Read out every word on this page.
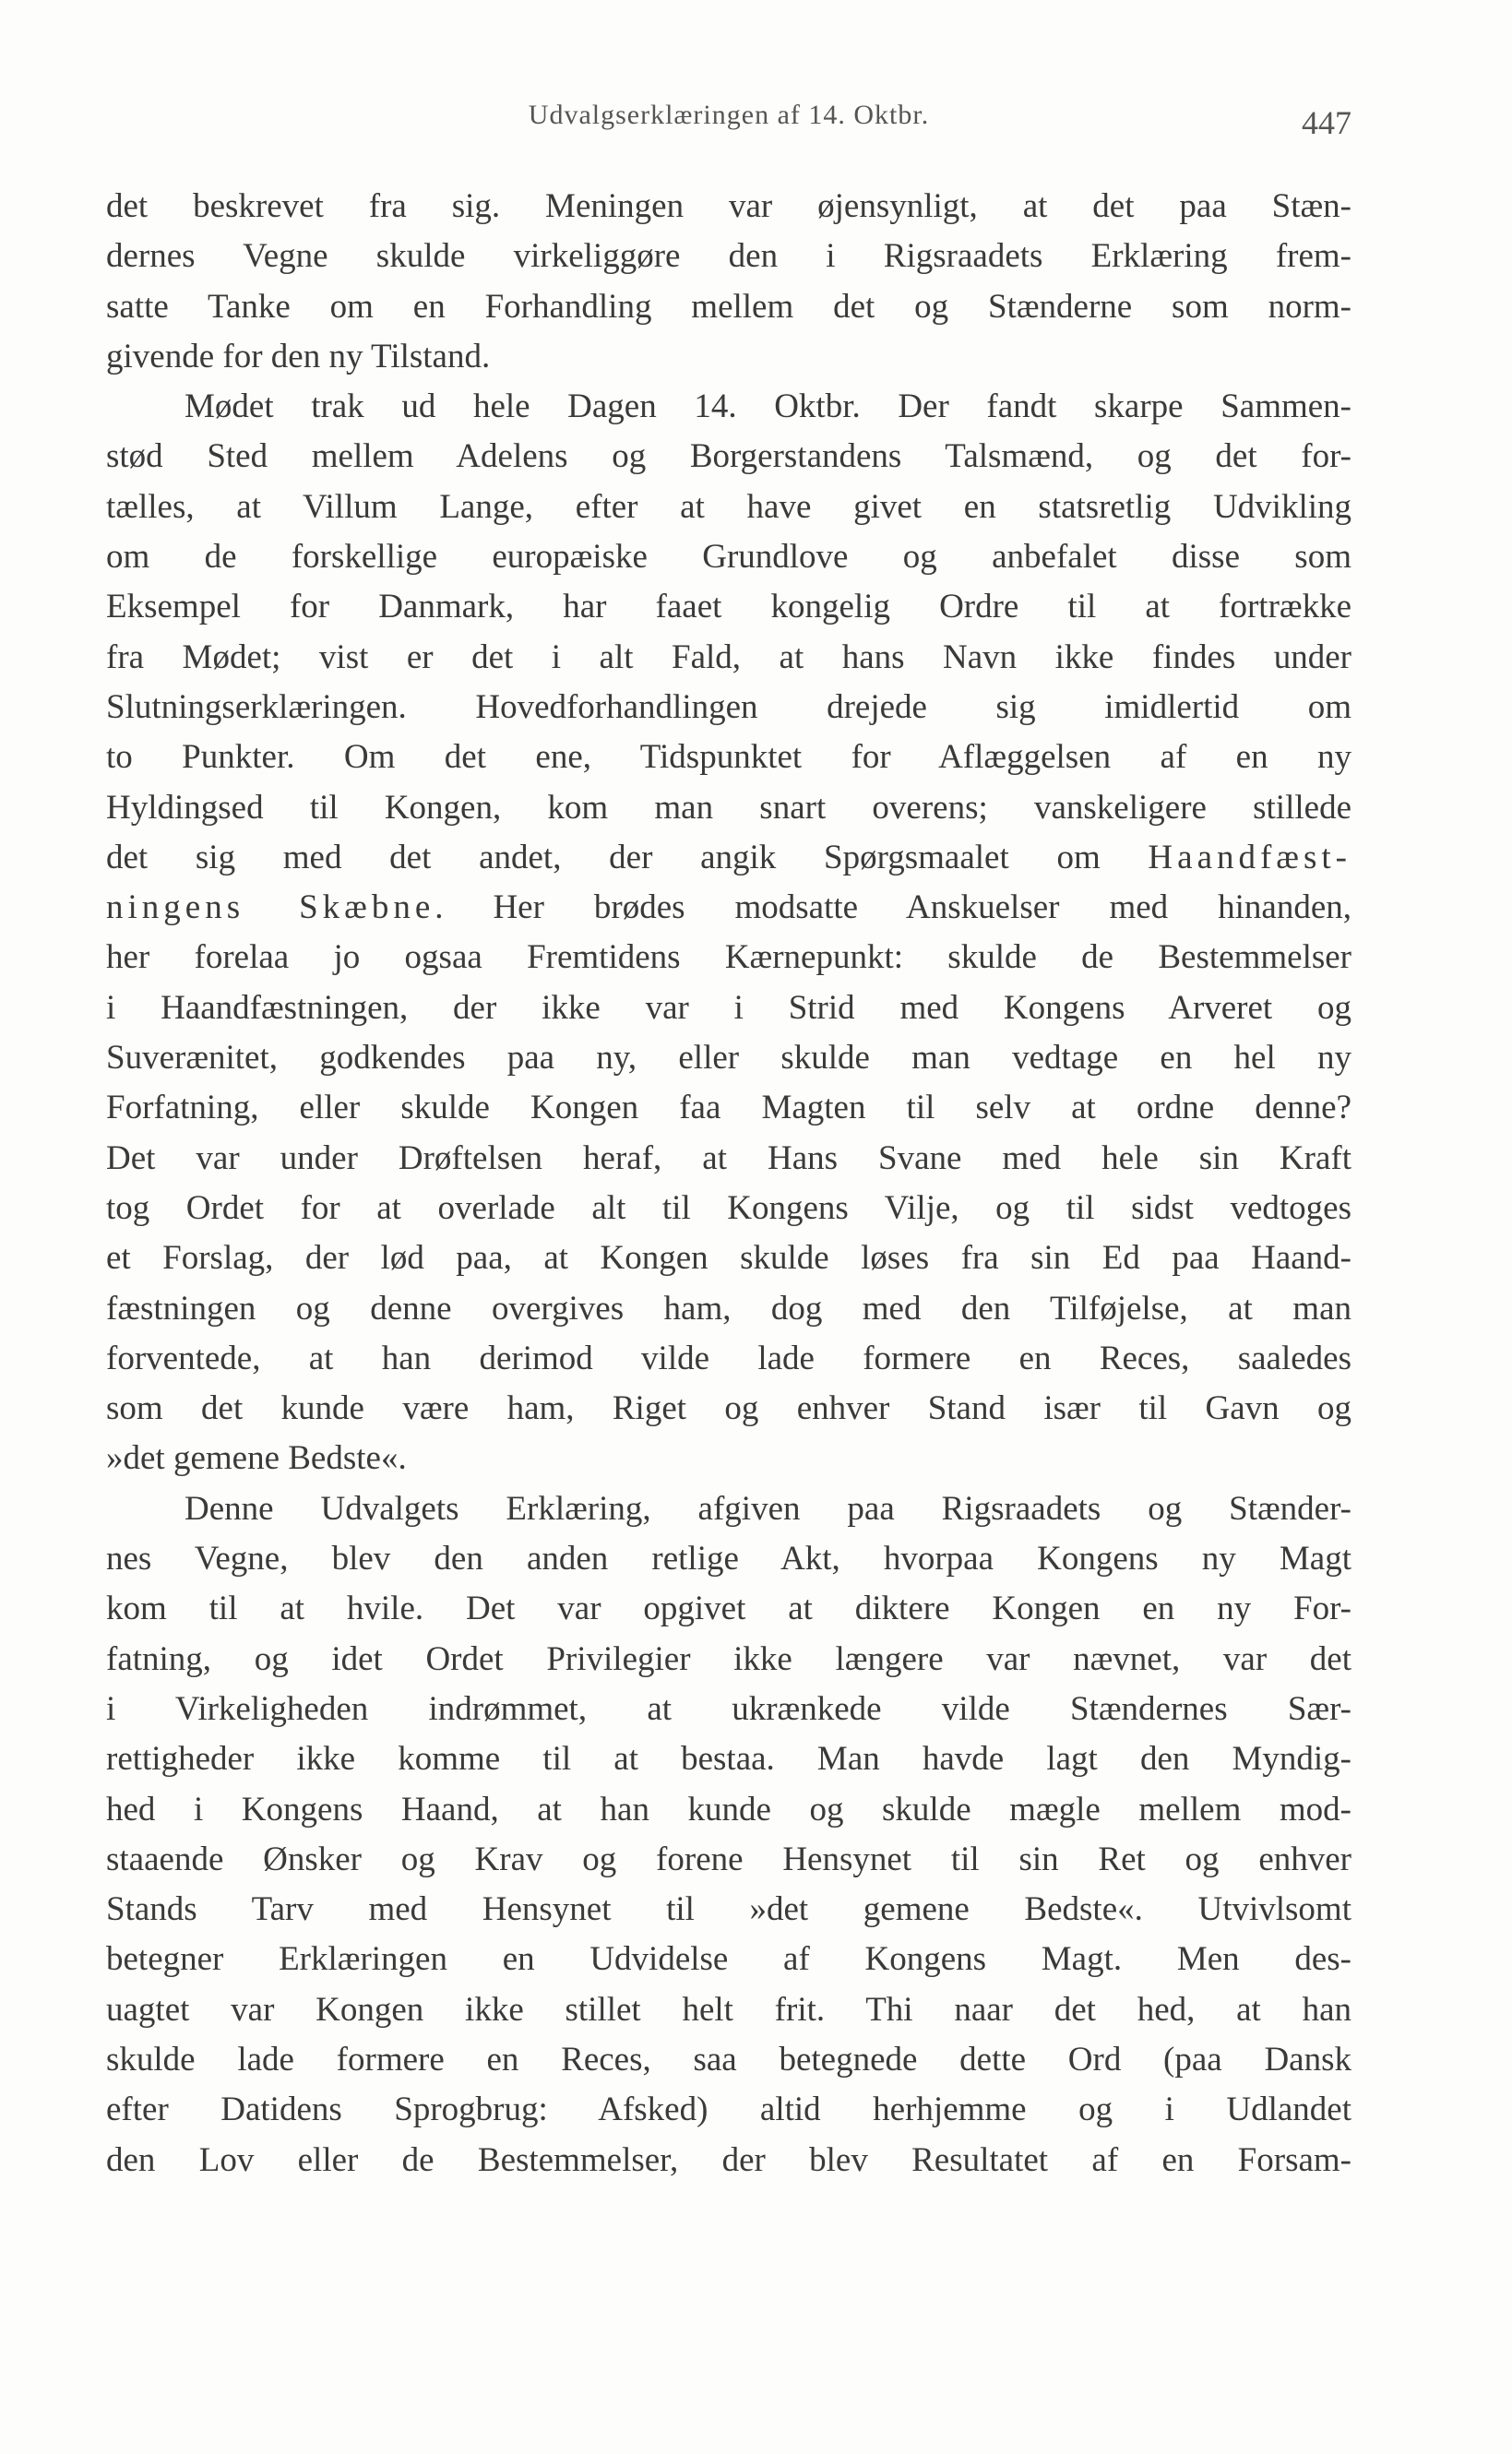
Udvalgserklæringen af 14. Oktbr.	447
det beskrevet fra sig. Meningen var øjensynligt, at det paa Stæn-
dernes Vegne skulde virkeliggøre den i Rigsraadets Erklæring frem-
satte Tanke om en Forhandling mellem det og Stænderne som norm-
givende for den ny Tilstand.
Mødet trak ud hele Dagen 14. Oktbr. Der fandt skarpe Sammen-
stød Sted mellem Adelens og Borgerstandens Talsmænd, og det for-
tælles, at Villum Lange, efter at have givet en statsretlig Udvikling
om de forskellige europæiske Grundlove og anbefalet disse som
Eksempel for Danmark, har faaet kongelig Ordre til at fortrække
fra Mødet; vist er det i alt Fald, at hans Navn ikke findes under
Slutningserklæringen. Hovedforhandlingen drejede sig imidlertid om
to Punkter. Om det ene, Tidspunktet for Aflæggelsen af en ny
Hyldingsed til Kongen, kom man snart overens; vanskeligere stillede
det sig med det andet, der angik Spørgsmaalet om Haandfæst-
ningens Skæbne. Her brødes modsatte Anskuelser med hinanden,
her forelaa jo ogsaa Fremtidens Kærnepunkt: skulde de Bestemmelser
i Haandfæstningen, der ikke var i Strid med Kongens Arveret og
Suverænitet, godkendes paa ny, eller skulde man vedtage en hel ny
Forfatning, eller skulde Kongen faa Magten til selv at ordne denne?
Det var under Drøftelsen heraf, at Hans Svane med hele sin Kraft
tog Ordet for at overlade alt til Kongens Vilje, og til sidst vedtoges
et Forslag, der lød paa, at Kongen skulde løses fra sin Ed paa Haand-
fæstningen og denne overgives ham, dog med den Tilføjelse, at man
forventede, at han derimod vilde lade formere en Reces, saaledes
som det kunde være ham, Riget og enhver Stand især til Gavn og
»det gemene Bedste«.
Denne Udvalgets Erklæring, afgiven paa Rigsraadets og Stænder-
nes Vegne, blev den anden retlige Akt, hvorpaa Kongens ny Magt
kom til at hvile. Det var opgivet at diktere Kongen en ny For-
fatning, og idet Ordet Privilegier ikke længere var nævnet, var det
i Virkeligheden indrømmet, at ukrænkede vilde Stændernes Sær-
rettigheder ikke komme til at bestaa. Man havde lagt den Myndig-
hed i Kongens Haand, at han kunde og skulde mægle mellem mod-
staaende Ønsker og Krav og forene Hensynet til sin Ret og enhver
Stands Tarv med Hensynet til »det gemene Bedste«. Utvivlsomt
betegner Erklæringen en Udvidelse af Kongens Magt. Men des-
uagtet var Kongen ikke stillet helt frit. Thi naar det hed, at han
skulde lade formere en Reces, saa betegnede dette Ord (paa Dansk
efter Datidens Sprogbrug: Afsked) altid herhjemme og i Udlandet
den Lov eller de Bestemmelser, der blev Resultatet af en Forsam-
